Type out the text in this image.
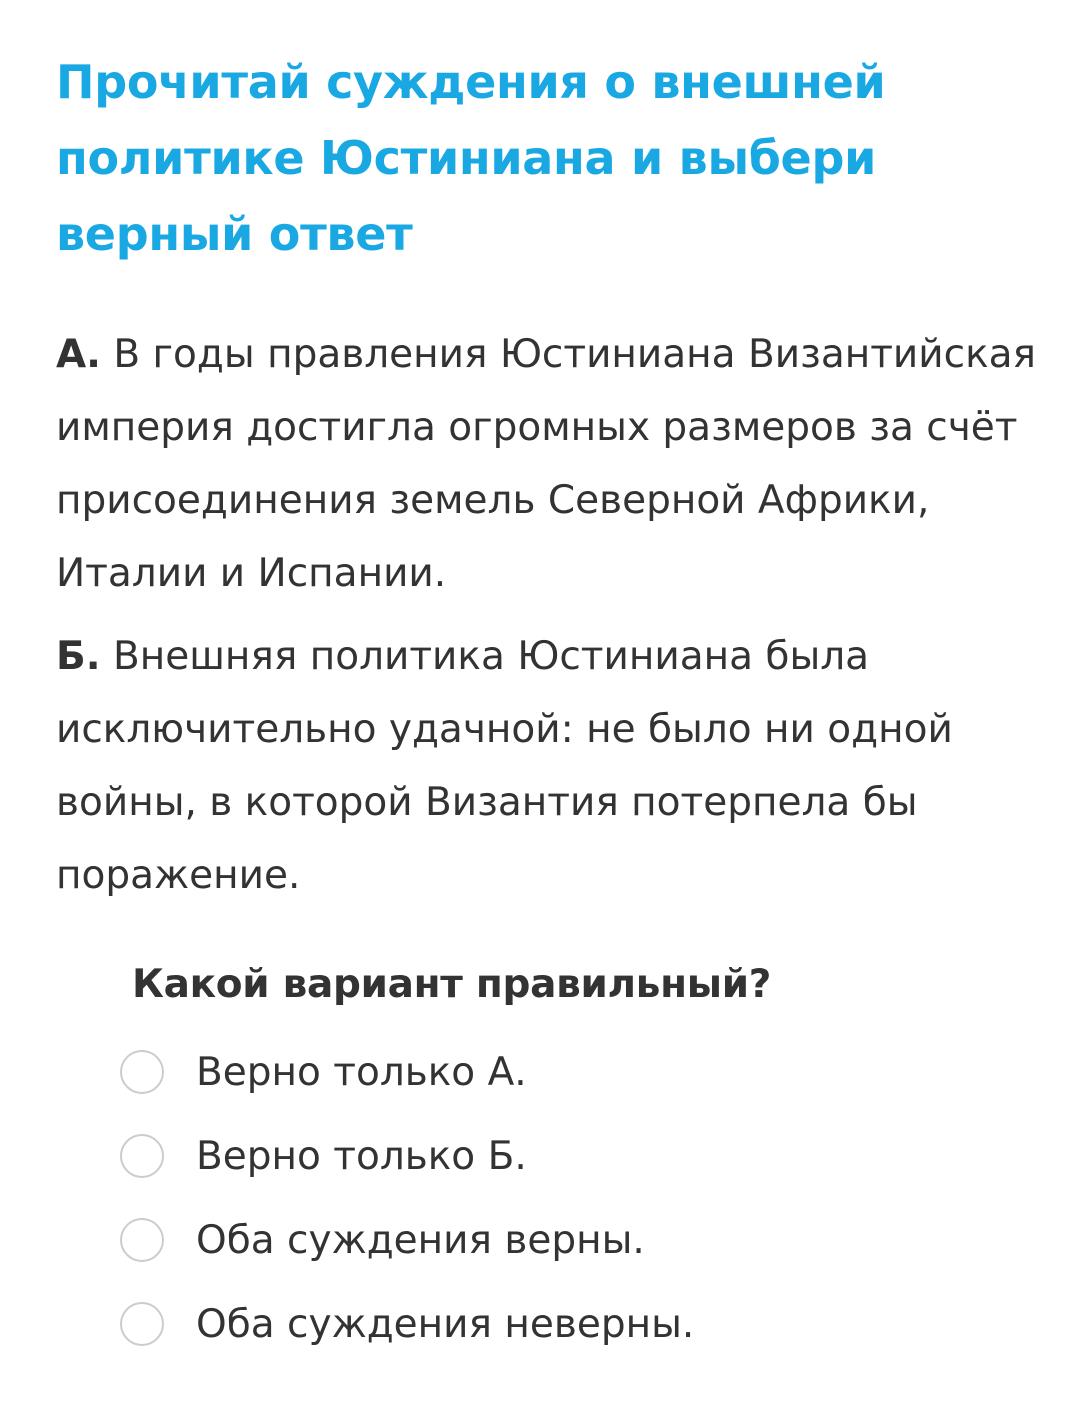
Прочитай суждения о внешней политике Юстиниана и выбери верный ответ

А. В годы правления Юстиниана Византийская империя достигла огромных размеров за счёт присоединения земель Северной Африки, Италии и Испании.

Б. Внешняя политика Юстиниана была исключительно удачной: не было ни одной войны, в которой Византия потерпела бы поражение.

Какой вариант правильный?

Верно только А.
Верно только Б.
Оба суждения верны.
Оба суждения неверны.
